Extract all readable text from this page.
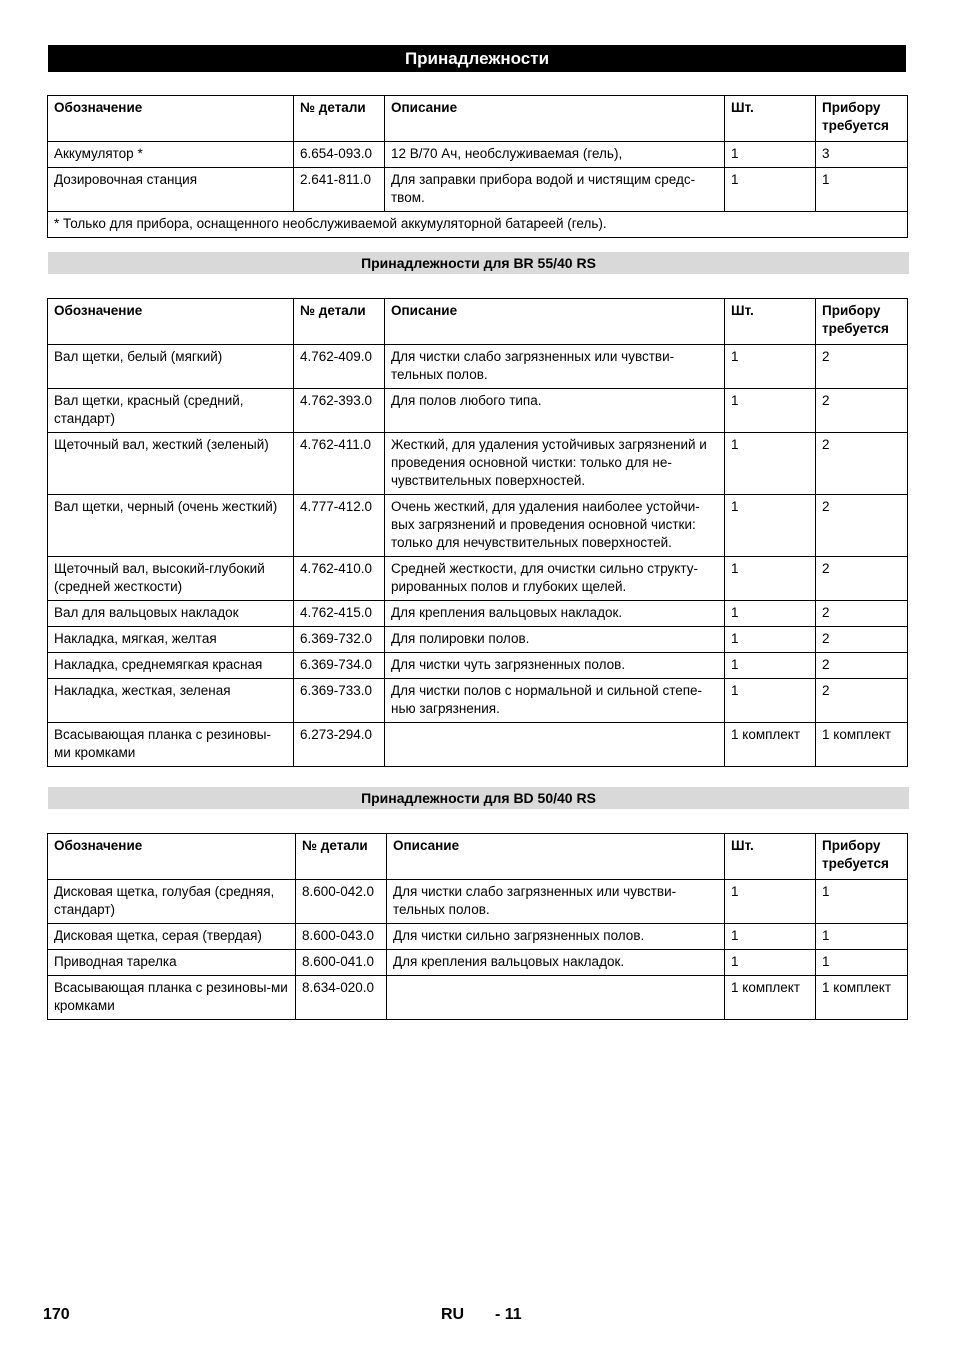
Принадлежности
Обозначение	№ детали	Описание	Шт.	Прибору требуется
Аккумулятор *	6.654-093.0	12 В/70 Ач, необслуживаемая (гель),	1	3
Дозировочная станция	2.641-811.0	Для заправки прибора водой и чистящим средс-твом.	1	1
* Только для прибора, оснащенного необслуживаемой аккумуляторной батареей (гель).				
Принадлежности для BR 55/40 RS
Обозначение	№ детали	Описание	Шт.	Прибору требуется
Вал щетки, белый (мягкий)	4.762-409.0	Для чистки слабо загрязненных или чувстви-тельных полов.	1	2
Вал щетки, красный (средний, стандарт)	4.762-393.0	Для полов любого типа.	1	2
Щеточный вал, жесткий (зеленый)	4.762-411.0	Жесткий, для удаления устойчивых загрязнений и проведения основной чистки: только для не-чувствительных поверхностей.	1	2
Вал щетки, черный (очень жесткий)	4.777-412.0	Очень жесткий, для удаления наиболее устойчи-вых загрязнений и проведения основной чистки: только для нечувствительных поверхностей.	1	2
Щеточный вал, высокий-глубокий (средней жесткости)	4.762-410.0	Средней жесткости, для очистки сильно структу-рированных полов и глубоких щелей.	1	2
Вал для вальцовых накладок	4.762-415.0	Для крепления вальцовых накладок.	1	2
Накладка, мягкая, желтая	6.369-732.0	Для полировки полов.	1	2
Накладка, среднемягкая красная	6.369-734.0	Для чистки чуть загрязненных полов.	1	2
Накладка, жесткая, зеленая	6.369-733.0	Для чистки полов с нормальной и сильной степе-нью загрязнения.	1	2
Всасывающая планка с резиновы-ми кромками	6.273-294.0		1 комплект	1 комплект
Принадлежности для BD 50/40 RS
Обозначение	№ детали	Описание	Шт.	Прибору требуется
Дисковая щетка, голубая (средняя, стандарт)	8.600-042.0	Для чистки слабо загрязненных или чувстви-тельных полов.	1	1
Дисковая щетка, серая (твердая)	8.600-043.0	Для чистки сильно загрязненных полов.	1	1
Приводная тарелка	8.600-041.0	Для крепления вальцовых накладок.	1	1
Всасывающая планка с резиновы-ми кромками	8.634-020.0		1 комплект	1 комплект
170	RU - 11
